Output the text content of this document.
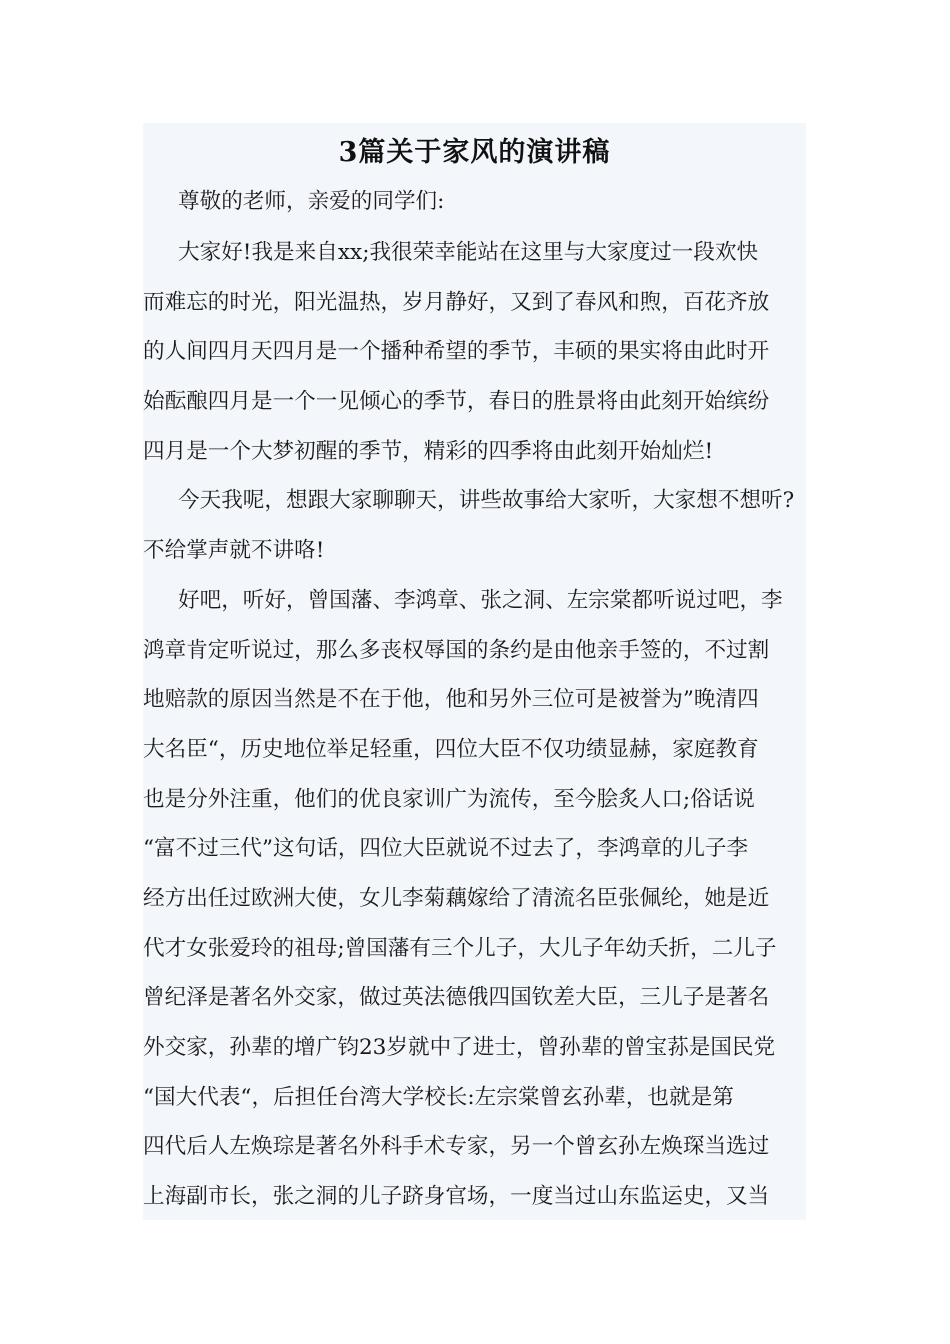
3篇关于家风的演讲稿
尊敬的老师，亲爱的同学们:
大家好!我是来自xx;我很荣幸能站在这里与大家度过一段欢快
而难忘的时光，阳光温热，岁月静好，又到了春风和煦，百花齐放
的人间四月天四月是一个播种希望的季节，丰硕的果实将由此时开
始酝酿四月是一个一见倾心的季节，春日的胜景将由此刻开始缤纷
四月是一个大梦初醒的季节，精彩的四季将由此刻开始灿烂!
今天我呢，想跟大家聊聊天，讲些故事给大家听，大家想不想听?
不给掌声就不讲咯!
好吧，听好，曾国藩、李鸿章、张之洞、左宗棠都听说过吧，李
鸿章肯定听说过，那么多丧权辱国的条约是由他亲手签的，不过割
地赔款的原因当然是不在于他，他和另外三位可是被誉为”晚清四
大名臣“，历史地位举足轻重，四位大臣不仅功绩显赫，家庭教育
也是分外注重，他们的优良家训广为流传，至今脍炙人口;俗话说
“富不过三代”这句话，四位大臣就说不过去了，李鸿章的儿子李
经方出任过欧洲大使，女儿李菊藕嫁给了清流名臣张佩纶，她是近
代才女张爱玲的祖母;曾国藩有三个儿子，大儿子年幼夭折，二儿子
曾纪泽是著名外交家，做过英法德俄四国钦差大臣，三儿子是著名
外交家，孙辈的增广钧23岁就中了进士，曾孙辈的曾宝荪是国民党
“国大代表“，后担任台湾大学校长:左宗棠曾玄孙辈，也就是第
四代后人左焕琮是著名外科手术专家，另一个曾玄孙左焕琛当选过
上海副市长，张之洞的儿子跻身官场，一度当过山东监运史，又当
